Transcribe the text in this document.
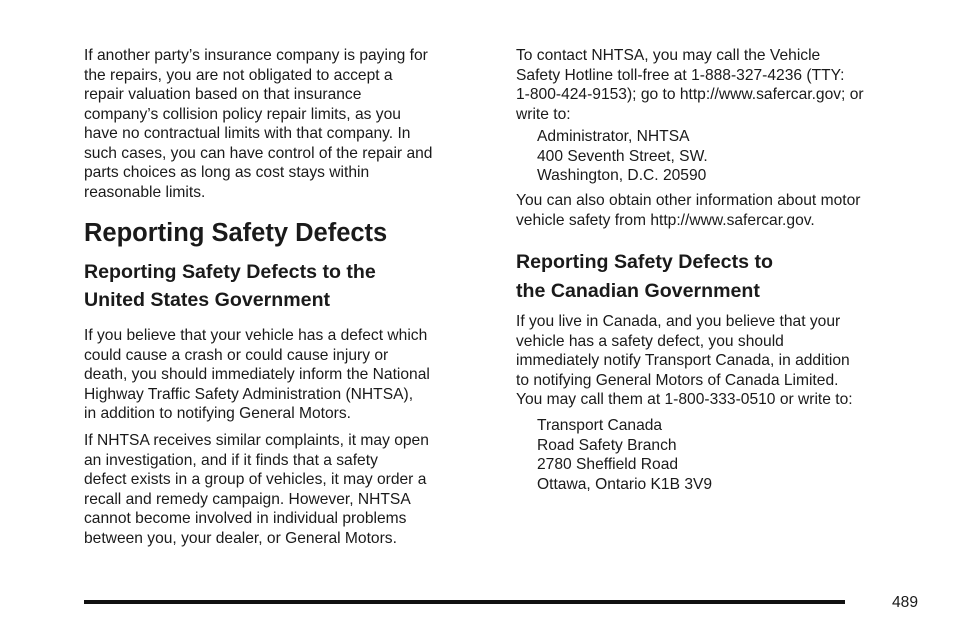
If another party’s insurance company is paying for
the repairs, you are not obligated to accept a
repair valuation based on that insurance
company’s collision policy repair limits, as you
have no contractual limits with that company. In
such cases, you can have control of the repair and
parts choices as long as cost stays within
reasonable limits.
Reporting Safety Defects
Reporting Safety Defects to the
United States Government
If you believe that your vehicle has a defect which
could cause a crash or could cause injury or
death, you should immediately inform the National
Highway Traffic Safety Administration (NHTSA),
in addition to notifying General Motors.
If NHTSA receives similar complaints, it may open
an investigation, and if it finds that a safety
defect exists in a group of vehicles, it may order a
recall and remedy campaign. However, NHTSA
cannot become involved in individual problems
between you, your dealer, or General Motors.
To contact NHTSA, you may call the Vehicle
Safety Hotline toll-free at 1-888-327-4236 (TTY:
1-800-424-9153); go to http://www.safercar.gov; or
write to:
Administrator, NHTSA
400 Seventh Street, SW.
Washington, D.C. 20590
You can also obtain other information about motor
vehicle safety from http://www.safercar.gov.
Reporting Safety Defects to
the Canadian Government
If you live in Canada, and you believe that your
vehicle has a safety defect, you should
immediately notify Transport Canada, in addition
to notifying General Motors of Canada Limited.
You may call them at 1-800-333-0510 or write to:
Transport Canada
Road Safety Branch
2780 Sheffield Road
Ottawa, Ontario K1B 3V9
489
